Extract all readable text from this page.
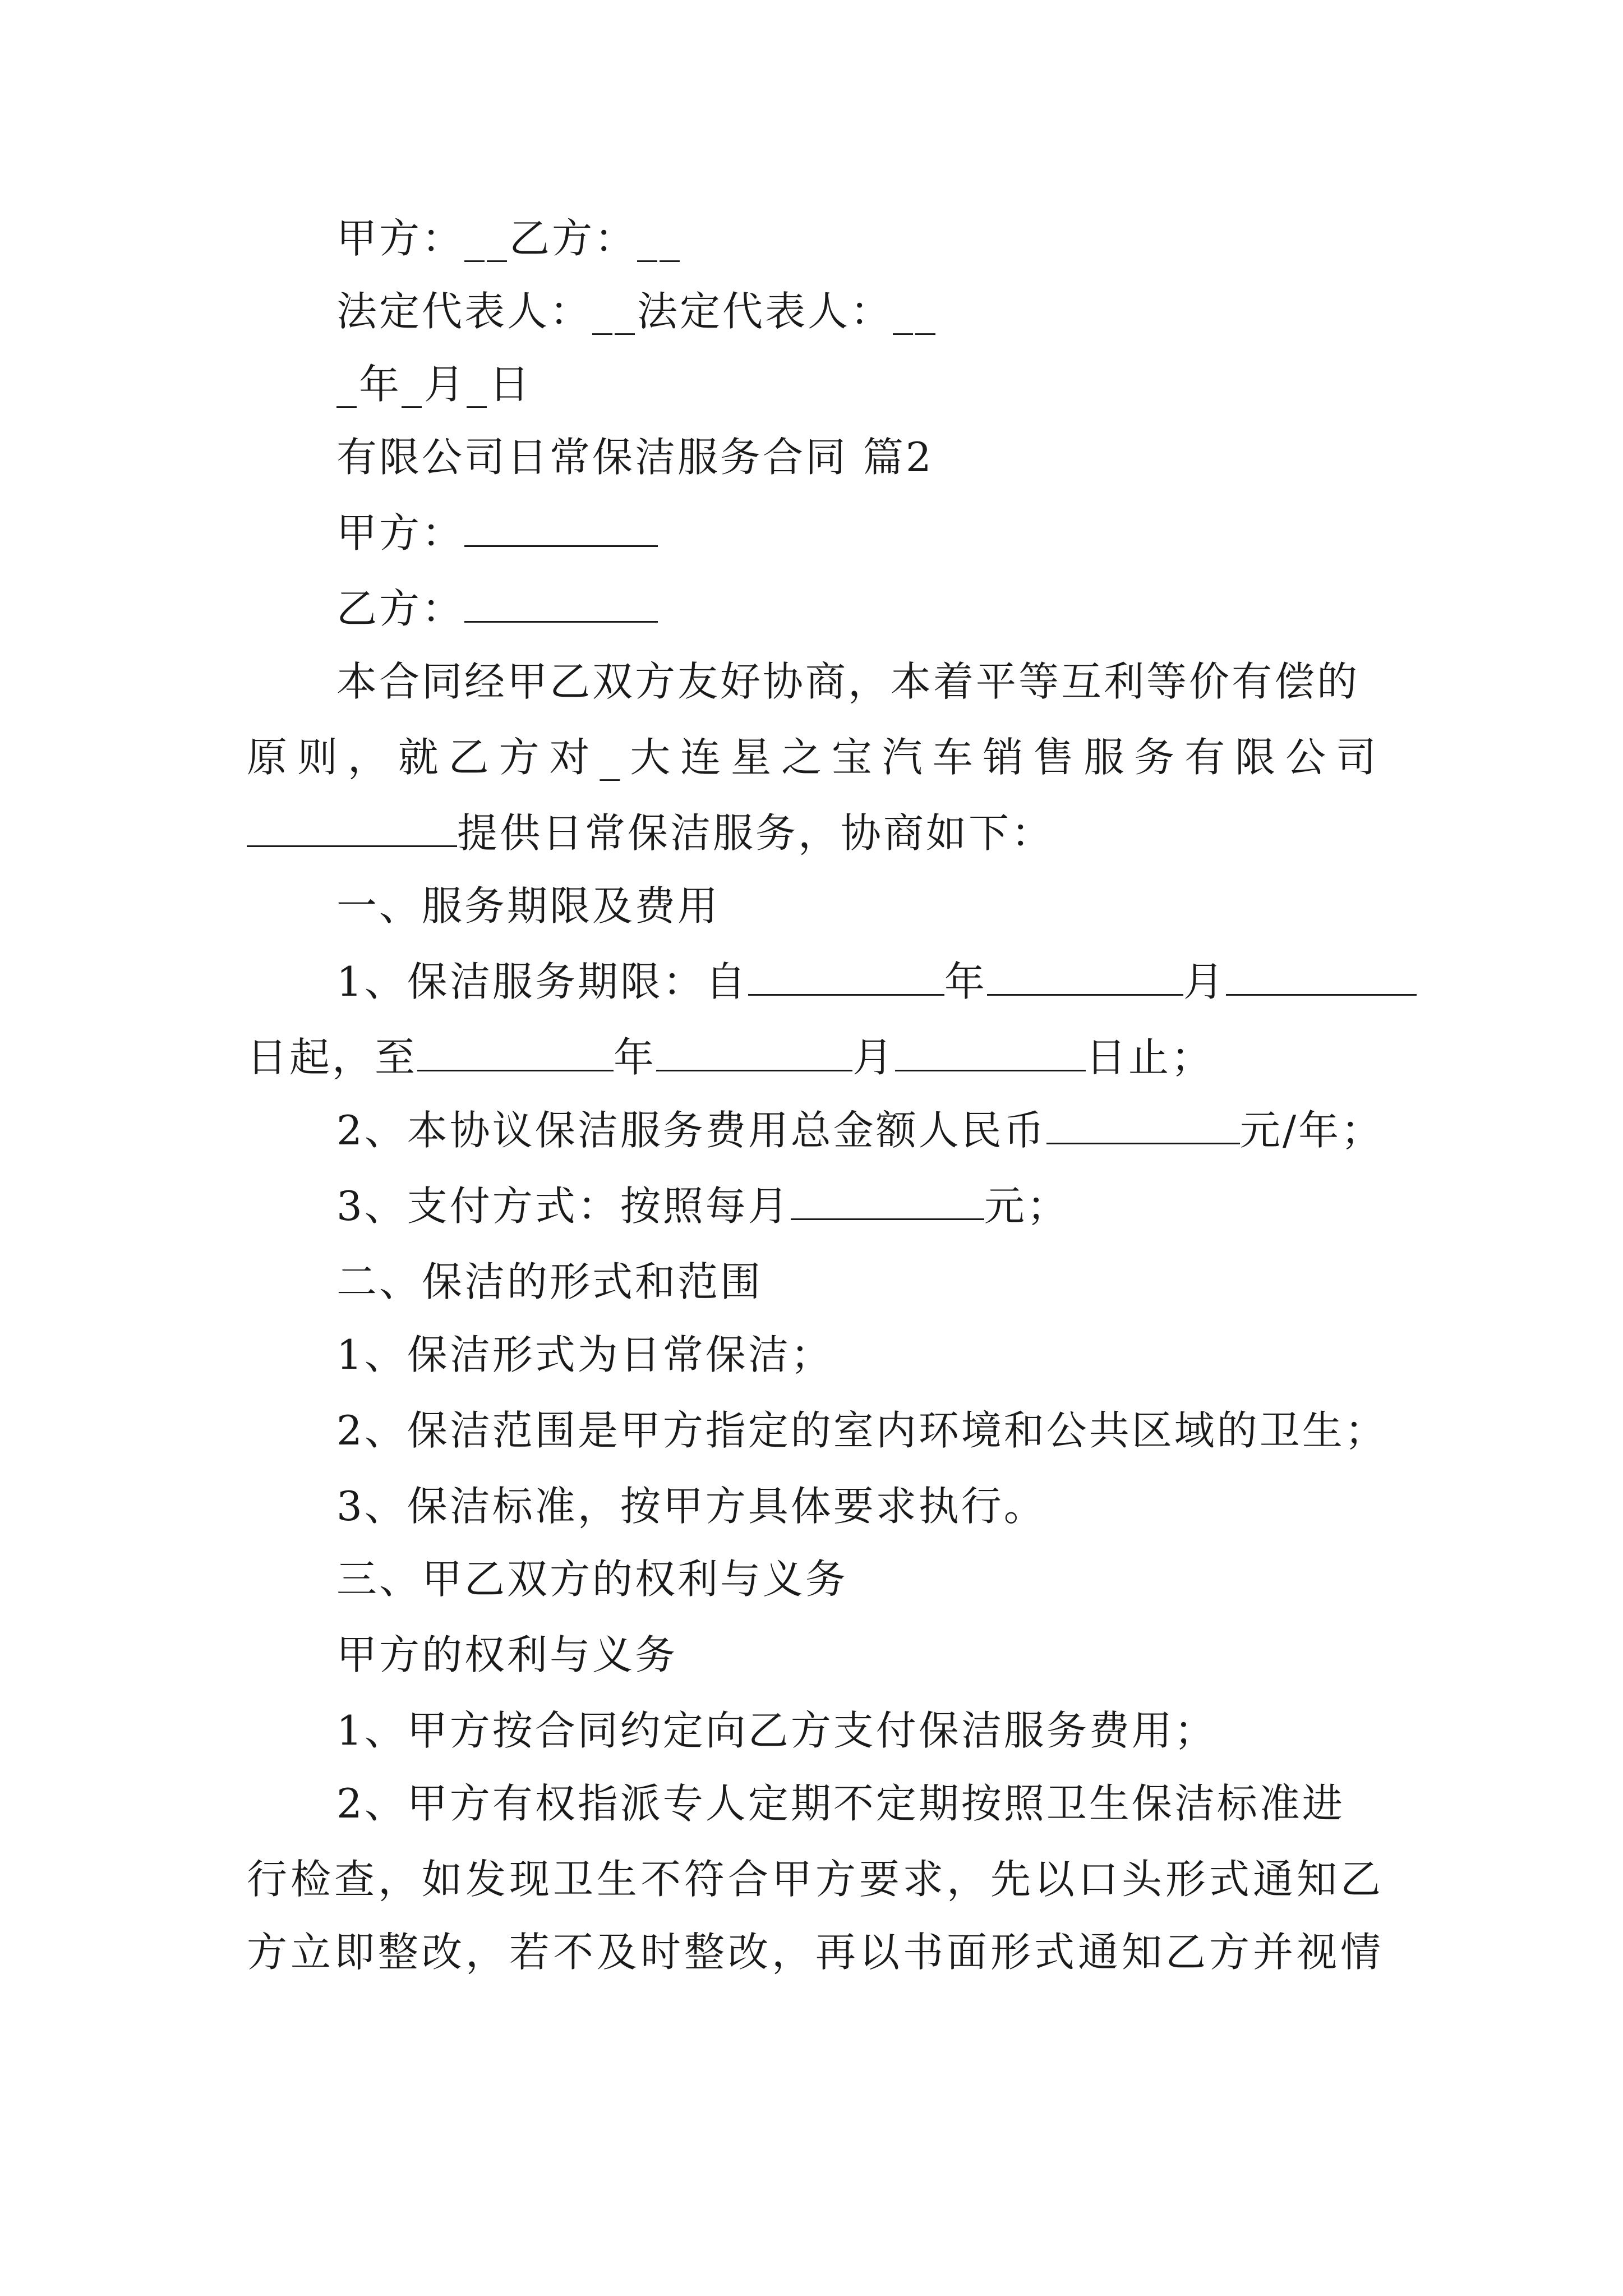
甲方：__乙方：__
法定代表人：__法定代表人：__
_年_月_日
有限公司日常保洁服务合同 篇2
甲方：
乙方：
本合同经甲乙双方友好协商，本着平等互利等价有偿的
原则，就乙方对_大连星之宝汽车销售服务有限公司
提供日常保洁服务，协商如下：
一、服务期限及费用
1、保洁服务期限：自	年	月
日起，至	年	月	日止；
2、本协议保洁服务费用总金额人民币	元/年；
3、支付方式：按照每月	元；
二、保洁的形式和范围
1、保洁形式为日常保洁；
2、保洁范围是甲方指定的室内环境和公共区域的卫生；
3、保洁标准，按甲方具体要求执行。
三、甲乙双方的权利与义务
甲方的权利与义务
1、甲方按合同约定向乙方支付保洁服务费用；
2、甲方有权指派专人定期不定期按照卫生保洁标准进
行检查，如发现卫生不符合甲方要求，先以口头形式通知乙
方立即整改，若不及时整改，再以书面形式通知乙方并视情
